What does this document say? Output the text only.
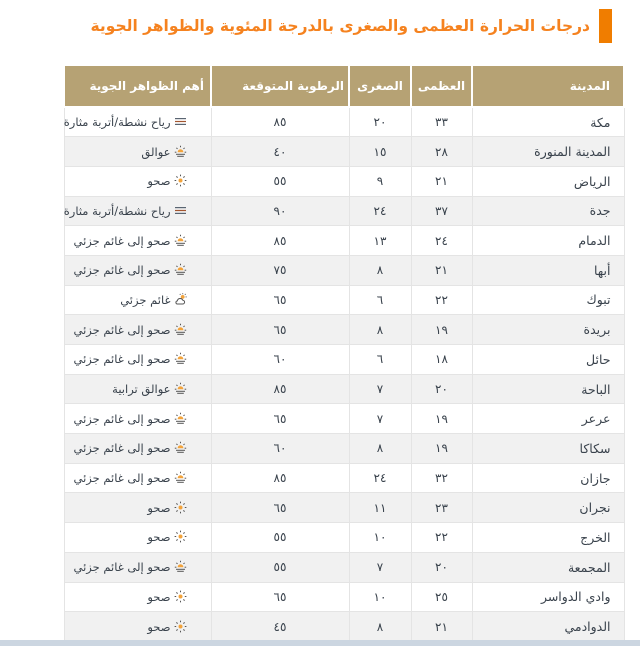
درجات الحرارة العظمى والصغرى بالدرجة المئوية والظواهر الجوية
المدينة	العظمى	الصغرى	الرطوبة المتوقعة	أهم الظواهر الجوية
مكة	٣٣	٢٠	٨٥	رياح نشطة/أتربة مثارة
المدينة المنورة	٢٨	١٥	٤٠	عوالق
الرياض	٢١	٩	٥٥	صحو
جدة	٣٧	٢٤	٩٠	رياح نشطة/أتربة مثارة
الدمام	٢٤	١٣	٨٥	صحو إلى غائم جزئي
أبها	٢١	٨	٧٥	صحو إلى غائم جزئي
تبوك	٢٢	٦	٦٥	غائم جزئي
بريدة	١٩	٨	٦٥	صحو إلى غائم جزئي
حائل	١٨	٦	٦٠	صحو إلى غائم جزئي
الباحة	٢٠	٧	٨٥	عوالق ترابية
عرعر	١٩	٧	٦٥	صحو إلى غائم جزئي
سكاكا	١٩	٨	٦٠	صحو إلى غائم جزئي
جازان	٣٢	٢٤	٨٥	صحو إلى غائم جزئي
نجران	٢٣	١١	٦٥	صحو
الخرج	٢٢	١٠	٥٥	صحو
المجمعة	٢٠	٧	٥٥	صحو إلى غائم جزئي
وادي الدواسر	٢٥	١٠	٦٥	صحو
الدوادمي	٢١	٨	٤٥	صحو
